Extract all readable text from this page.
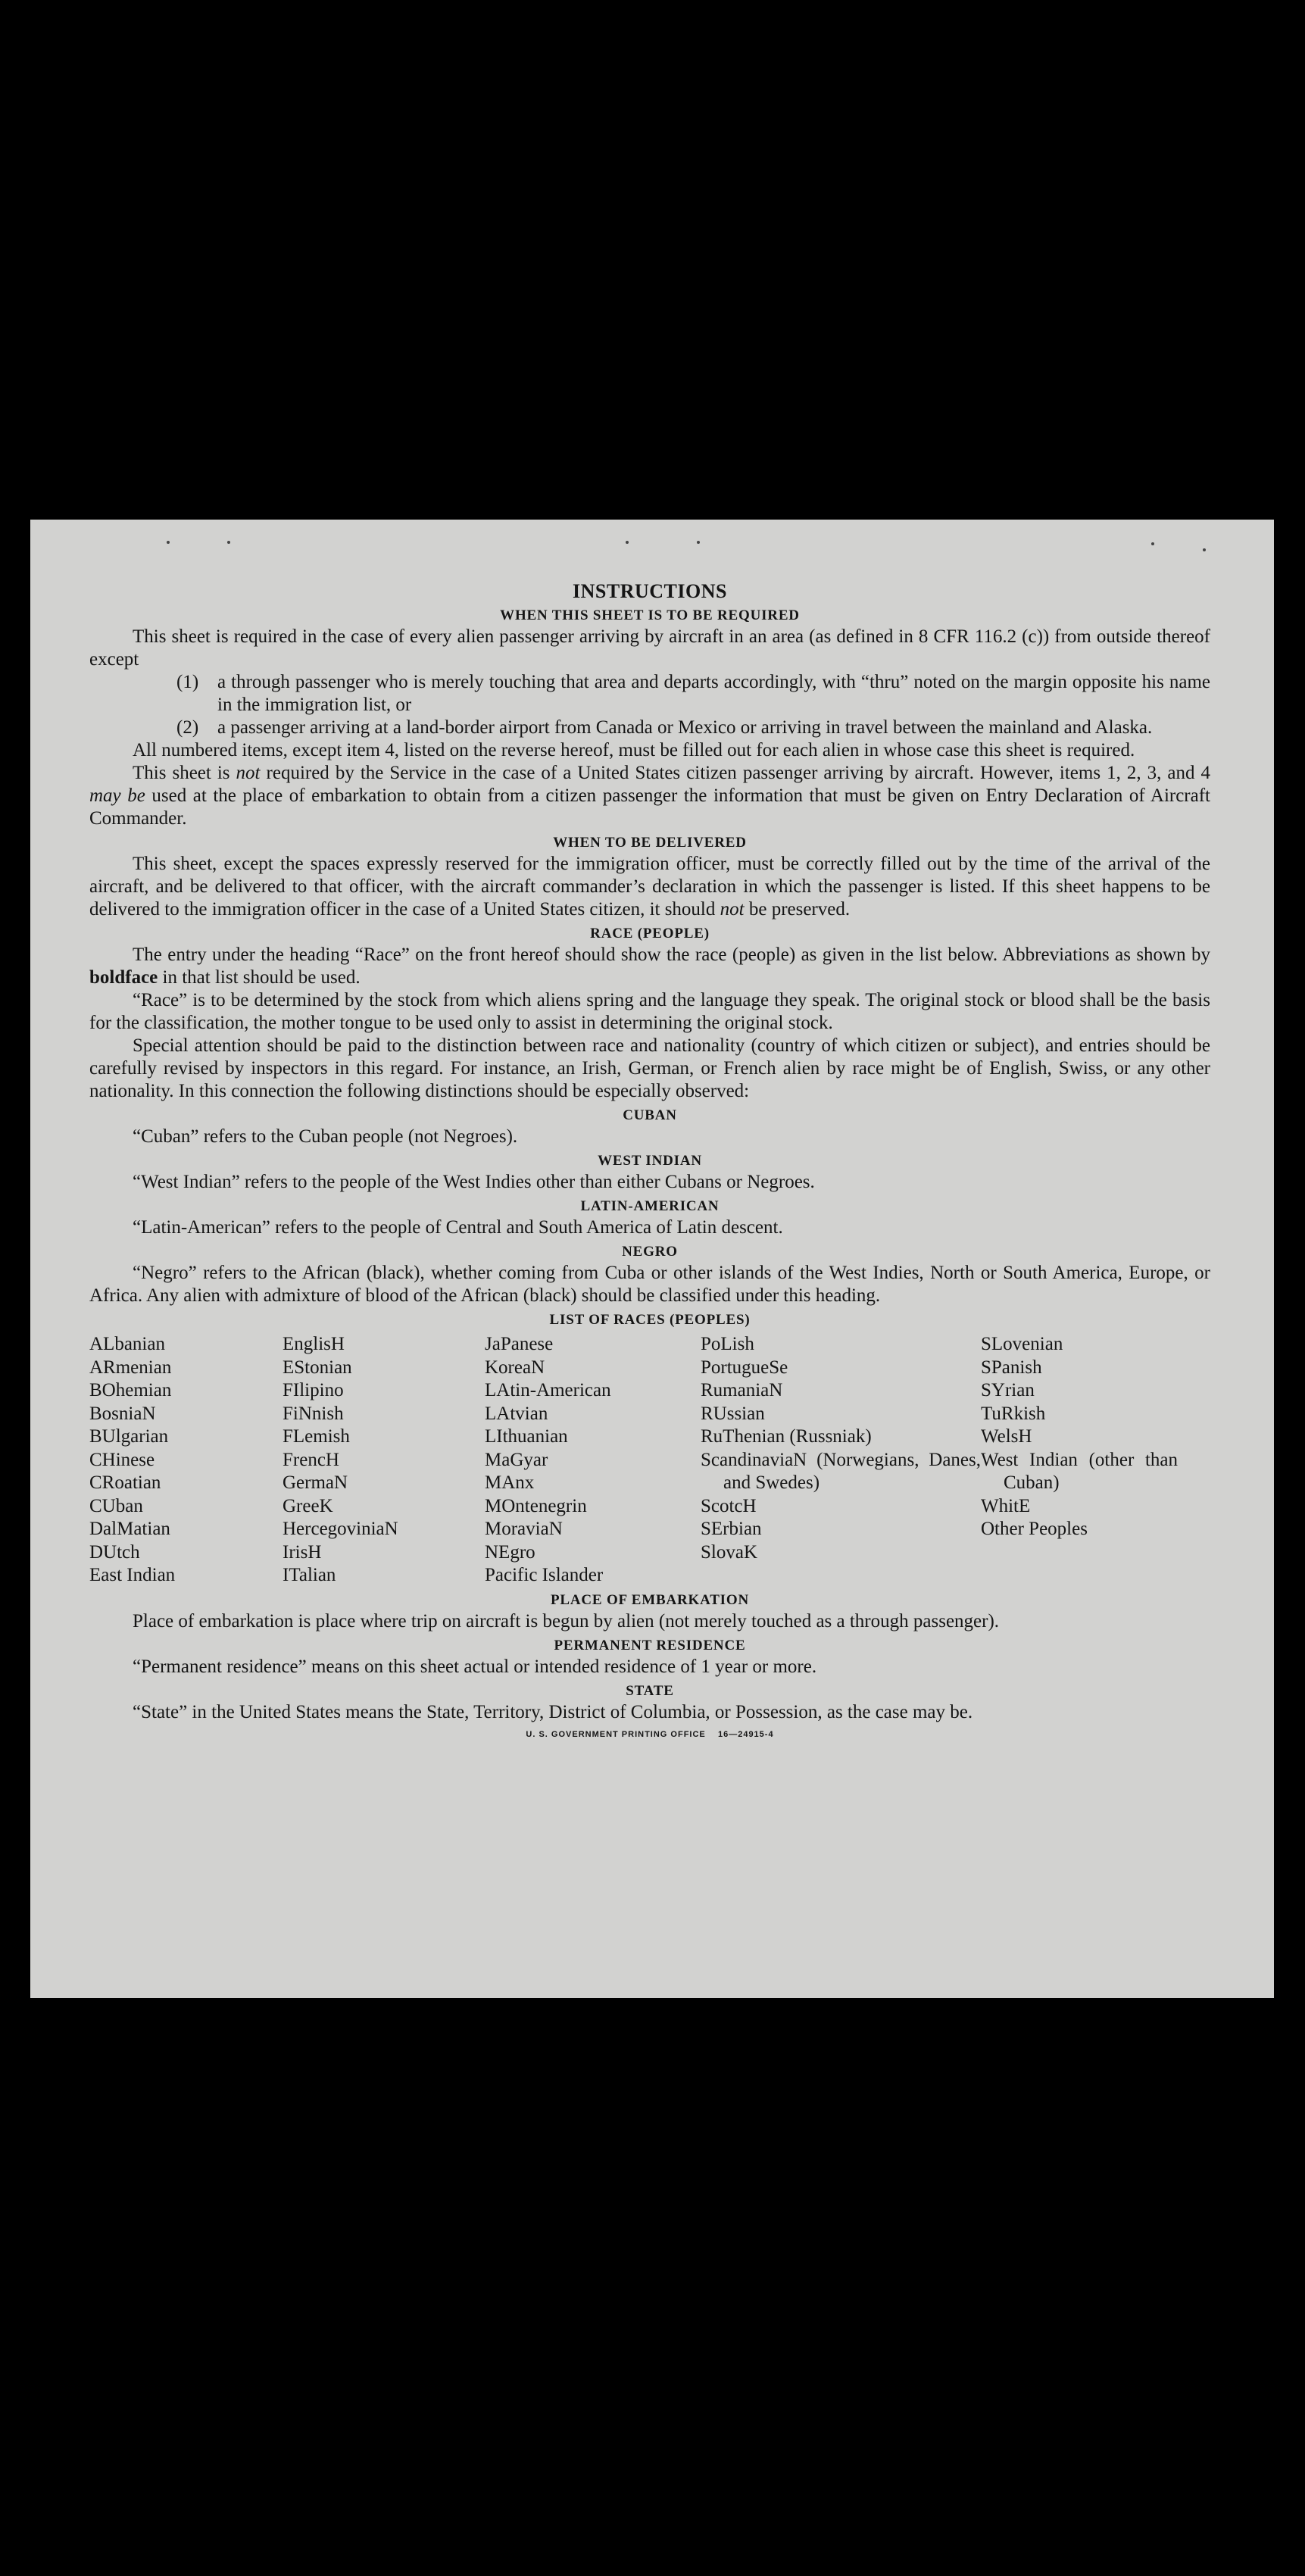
INSTRUCTIONS
WHEN THIS SHEET IS TO BE REQUIRED

This sheet is required in the case of every alien passenger arriving by aircraft in an area (as defined in 8 CFR 116.2 (c)) from outside thereof except

(1) a through passenger who is merely touching that area and departs accordingly, with “thru” noted on the margin opposite his name in the immigration list, or
(2) a passenger arriving at a land-border airport from Canada or Mexico or arriving in travel between the mainland and Alaska.

All numbered items, except item 4, listed on the reverse hereof, must be filled out for each alien in whose case this sheet is required.

This sheet is not required by the Service in the case of a United States citizen passenger arriving by aircraft. However, items 1, 2, 3, and 4 may be used at the place of embarkation to obtain from a citizen passenger the information that must be given on Entry Declaration of Aircraft Commander.

WHEN TO BE DELIVERED

This sheet, except the spaces expressly reserved for the immigration officer, must be correctly filled out by the time of the arrival of the aircraft, and be delivered to that officer, with the aircraft commander’s declaration in which the passenger is listed. If this sheet happens to be delivered to the immigration officer in the case of a United States citizen, it should not be preserved.

RACE (PEOPLE)

The entry under the heading “Race” on the front hereof should show the race (people) as given in the list below. Abbreviations as shown by boldface in that list should be used.

“Race” is to be determined by the stock from which aliens spring and the language they speak. The original stock or blood shall be the basis for the classification, the mother tongue to be used only to assist in determining the original stock.

Special attention should be paid to the distinction between race and nationality (country of which citizen or subject), and entries should be carefully revised by inspectors in this regard. For instance, an Irish, German, or French alien by race might be of English, Swiss, or any other nationality. In this connection the following distinctions should be especially observed:

CUBAN

“Cuban” refers to the Cuban people (not Negroes).

WEST INDIAN

“West Indian” refers to the people of the West Indies other than either Cubans or Negroes.

LATIN-AMERICAN

“Latin-American” refers to the people of Central and South America of Latin descent.

NEGRO

“Negro” refers to the African (black), whether coming from Cuba or other islands of the West Indies, North or South America, Europe, or Africa. Any alien with admixture of blood of the African (black) should be classified under this heading.

LIST OF RACES (PEOPLES)
ALbanian
ARmenian
BOhemian
BosniaN
BUlgarian
CHinese
CRoatian
CUban
DalMatian
DUtch
East Indian
EnglisH
EStonian
FIlipino
FiNnish
FLemish
FrencH
GermaN
GreeK
HercegoviniaN
IrisH
ITalian
JaPanese
KoreaN
LAtin-American
LAtvian
LIthuanian
MaGyar
MAnx
MOntenegrin
MoraviaN
NEgro
Pacific Islander
PoLish
PortugueSe
RumaniaN
RUssian
RuThenian (Russniak)
ScandinaviaN (Norwegians, Danes, and Swedes)
ScotcH
SErbian
SlovaK
SLovenian
SPanish
SYrian
TuRkish
WelsH
West Indian (other than Cuban)
WhitE
Other Peoples
PLACE OF EMBARKATION

Place of embarkation is place where trip on aircraft is begun by alien (not merely touched as a through passenger).

PERMANENT RESIDENCE

“Permanent residence” means on this sheet actual or intended residence of 1 year or more.

STATE

“State” in the United States means the State, Territory, District of Columbia, or Possession, as the case may be.

U. S. GOVERNMENT PRINTING OFFICE    16—24915-4
